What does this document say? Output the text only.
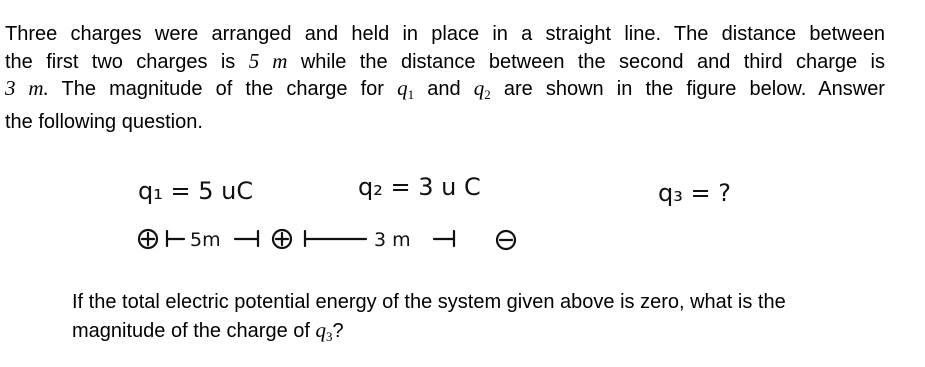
Three charges were arranged and held in place in a straight line. The distance between
the first two charges is 5 m while the distance between the second and third charge is
3 m. The magnitude of the charge for $q_1$ and $q_2$ are shown in the figure below. Answer
the following question.
q₁ = 5 uC	q₂ = 3 u C	q₃ = ?
5m	3 m
If the total electric potential energy of the system given above is zero, what is the
magnitude of the charge of $q_3$?
